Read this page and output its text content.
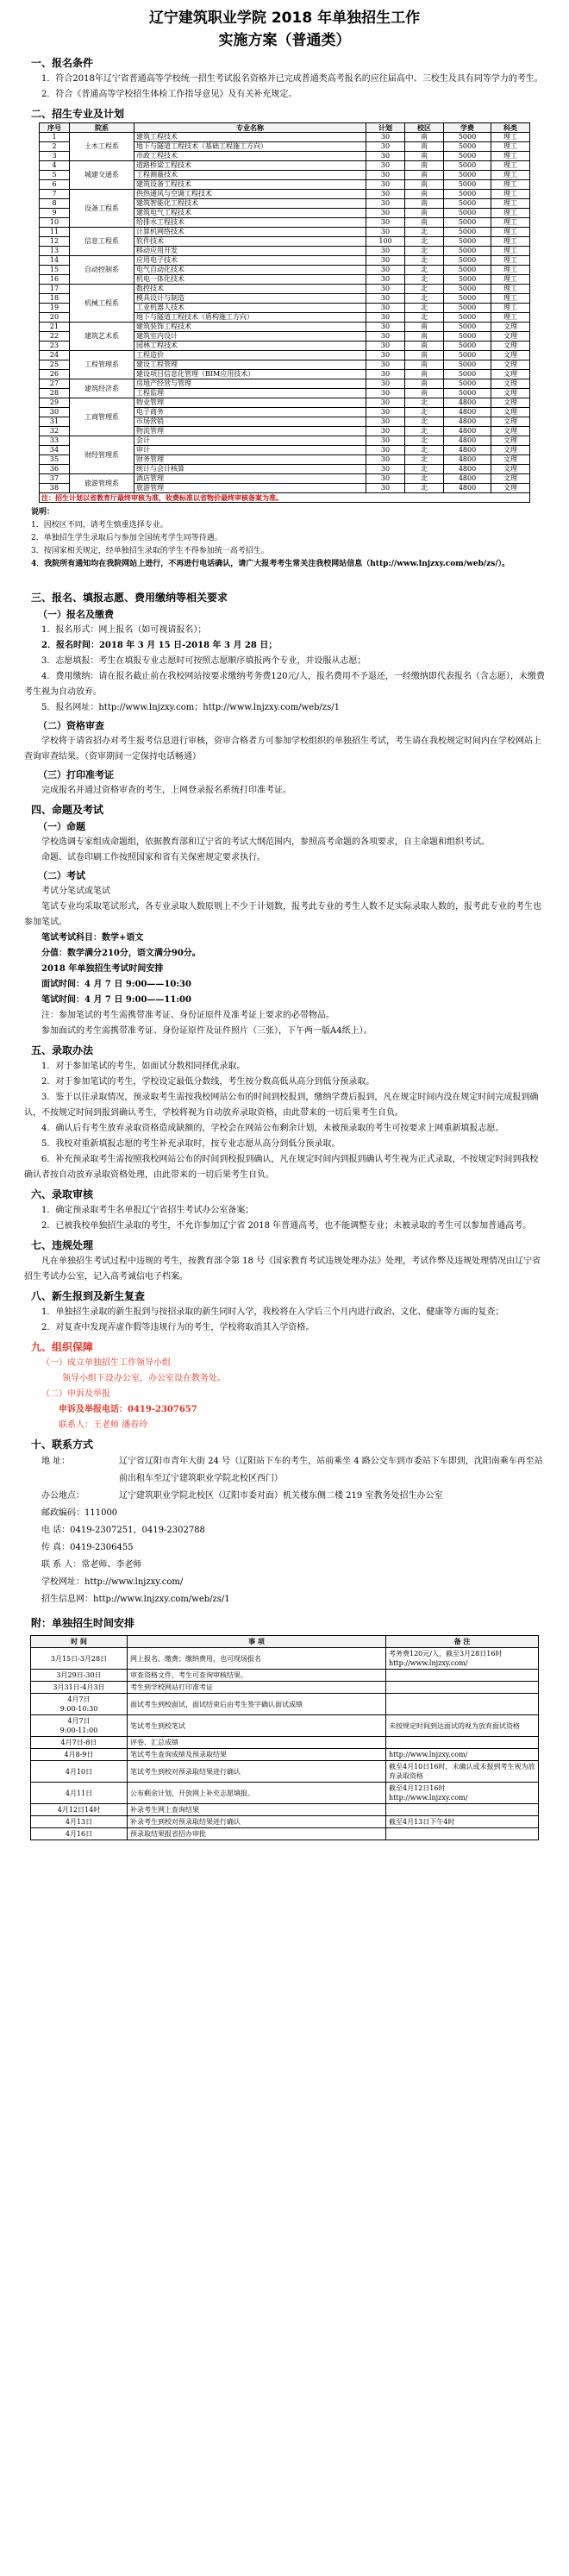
辽宁建筑职业学院 2018 年单独招生工作
实施方案（普通类）
一、报名条件
1．符合2018年辽宁省普通高等学校统一招生考试报名资格并已完成普通类高考报名的应往届高中、三校生及具有同等学力的考生。
2．符合《普通高等学校招生体检工作指导意见》及有关补充规定。
二、招生专业及计划
序号	院系	专业名称	计划	校区	学费	科类
1	土木工程系	建筑工程技术	30	南	5000	理工
2		地下与隧道工程技术（基础工程施工方向）	30	南	5000	理工
3		市政工程技术	30	南	5000	理工
4	城建交通系	道路桥梁工程技术	30	南	5000	理工
5		工程测量技术	30	南	5000	理工
6		建筑设备工程技术	30	南	5000	理工
7	设备工程系	供热通风与空调工程技术	30	南	5000	理工
8		建筑智能化工程技术	30	南	5000	理工
9		建筑电气工程技术	30	南	5000	理工
10		给排水工程技术	30	南	5000	理工
11	信息工程系	计算机网络技术	30	北	5000	理工
12		软件技术	100	北	5000	理工
13		移动应用开发	30	北	5000	理工
14	自动控制系	应用电子技术	30	北	5000	理工
15		电气自动化技术	30	北	5000	理工
16		机电一体化技术	30	北	5000	理工
17	机械工程系	数控技术	30	北	5000	理工
18		模具设计与制造	30	北	5000	理工
19		工业机器人技术	30	北	5000	理工
20		地下与隧道工程技术（盾构施工方向）	30	北	5000	理工
21	建筑艺术系	建筑装饰工程技术	30	南	5000	文理
22		建筑室内设计	30	南	5000	文理
23		园林工程技术	30	南	5000	文理
24	工程管理系	工程造价	30	南	5000	文理
25		建设工程管理	30	南	5000	文理
26		建设项目信息化管理（BIM应用技术）	30	南	5000	文理
27	建筑经济系	房地产经营与管理	30	南	5000	文理
28		工程监理	30	南	5000	文理
29	工商管理系	物业管理	30	北	4800	文理
30		电子商务	30	北	4800	文理
31		市场营销	30	北	4800	文理
32		物流管理	30	北	4800	文理
33	财经管理系	会计	30	北	4800	文理
34		审计	30	北	4800	文理
35		财务管理	30	北	4800	文理
36		统计与会计核算	30	北	4800	文理
37	旅游管理系	酒店管理	30	北	4800	文理
38		旅游管理	30	北	4800	文理
注：招生计划以省教育厅最终审核为准，收费标准以省物价最终审核备案为准。						
说明：
1．因校区不同，请考生慎重选择专业。
2．单独招生学生录取后与参加全国统考学生同等待遇。
3．按国家相关规定，经单独招生录取的学生不得参加统一高考招生。
4．我院所有通知均在我院网站上进行，不再进行电话确认，请广大报考考生常关注我校网站信息（http://www.lnjzxy.com/web/zs/）。
三、报名、填报志愿、费用缴纳等相关要求
（一）报名及缴费
1．报名形式：网上报名（如可视请报名）；
2．报名时间：2018 年 3 月 15 日-2018 年 3 月 28 日；
3．志愿填报：考生在填报专业志愿时可按照志愿顺序填报两个专业，并设服从志愿；
4．费用缴纳：请在报名截止前在我校网站按要求缴纳考务费120元/人，报名费用不予退还，一经缴纳即代表报名（含志愿），未缴费考生视为自动放弃。
5．报名网址：http://www.lnjzxy.com；http://www.lnjzxy.com/web/zs/1
（二）资格审查
学校将于请省招办对考生报考信息进行审核，资审合格者方可参加学校组织的单独招生考试，考生请在我校规定时间内在学校网站上查询审查结果。（资审期间一定保持电话畅通）
（三）打印准考证
完成报名并通过资格审查的考生，上网登录报名系统打印准考证。
四、命题及考试
（一）命题
学校选调专家组成命题组，依据教育部和辽宁省的考试大纲范围内，参照高考命题的各项要求，自主命题和组织考试。
命题、试卷印刷工作按照国家和省有关保密规定要求执行。
（二）考试
考试分笔试或笔试
笔试专业均采取笔试形式，各专业录取人数原则上不少于计划数，报考此专业的考生人数不足实际录取人数的，报考此专业的考生也参加笔试。
笔试考试科目：数学+语文
分值：数学满分210分，语文满分90分。
2018 年单独招生考试时间安排
面试时间：4 月 7 日 9:00——10:30
笔试时间：4 月 7 日 9:00——11:00
注：参加笔试的考生需携带准考证、身份证原件及准考证上要求的必带物品。
参加面试的考生需携带准考证、身份证原件及证件照片（三张），下午两一版A4纸上）。
五、录取办法
1．对于参加笔试的考生，如面试分数相同择优录取。
2．对于参加笔试的考生，学校设定最低分数线，考生按分数高低从高分到低分预录取。
3．鉴于以往录取情况，预录取考生需按我校网站公布的时间到校报到，缴纳学费后报到，凡在规定时间内没在规定时间完成报到确认，不按规定时间到报到确认考生，学校将视为自动放弃录取资格，由此带来的一切后果考生自负。
4．确认后有考生放弃录取资格造成缺额的，学校会在网站公布剩余计划，未被预录取的考生可按要求上网重新填报志愿。
5．我校对重新填报志愿的考生补充录取时，按专业志愿从高分到低分预录取。
6．补充预录取考生需按照我校网站公布的时间到校报到确认，凡在规定时间内到报到确认考生视为正式录取，不按规定时间到我校确认者按自动放弃录取资格处理，由此带来的一切后果考生自负。
六、录取审核
1．确定预录取考生名单报辽宁省招生考试办公室备案；
2．已被我校单独招生录取的考生，不允许参加辽宁省 2018 年普通高考，也不能调整专业；未被录取的考生可以参加普通高考。
七、违规处理
凡在单独招生考试过程中违规的考生，按教育部令第 18 号《国家教育考试违规处理办法》处理，考试作弊及违规处理情况由辽宁省招生考试办公室，记入高考诚信电子档案。
八、新生报到及新生复查
1．单独招生录取的新生报到与按招录取的新生同时入学，我校将在入学后三个月内进行政治、文化、健康等方面的复查；
2．对复查中发现弄虚作假等违规行为的考生，学校将取消其入学资格。
九、组织保障
（一）成立单独招生工作领导小组
领导小组下设办公室，办公室设在教务处。
（二）申诉及举报
申诉及举报电话：0419-2307657
联系人：王老师 潘春玲
十、联系方式
地 址：	辽宁省辽阳市青年大街 24 号（辽阳站下车的考生，站前乘坐 4 路公交车到市委站下车即到，沈阳南乘车再至站前出租车至辽宁建筑职业学院北校区西门）
办公地点：	辽宁建筑职业学院北校区（辽阳市委对面）机关楼东侧二楼 219 室教务处招生办公室
邮政编码：111000
电 话：0419-2307251，0419-2302788
传 真：0419-2306455
联 系 人：常老师、李老师
学校网址：http://www.lnjzxy.com/
招生信息网：http://www.lnjzxy.com/web/zs/1
附：单独招生时间安排
时 间	事 项	备 注
3月15日-3月28日	网上报名、缴费；缴纳费用，也可现场报名	考务费120元/人，截至3月28日16时
http://www.lnjzxy.com/
3月29日-30日	审查资格文件，考生可查询审核结果。	
3月31日-4月3日	考生到学校网站打印准考证	
4月7日
9:00-10:30	面试考生到校面试，面试结束后由考生签字确认面试成绩	
4月7日
9:00-11:00	笔试考生到校笔试	未按规定时间到达面试的视为放弃面试资格
4月7日-8日	评卷、汇总成绩	
4月8-9日	笔试考生查询成绩及预录取结果	http://www.lnjzxy.com/
4月10日	笔试考生到校对预录取结果进行确认	截至4月10日16时，未确认或未报到考生视为放弃录取资格
4月11日	公布剩余计划，开放网上补充志愿填报。	截至4月12日16时
http://www.lnjzxy.com/
4月12日14时	补录考生网上查询结果	
4月13日	补录考生到校对预录取结果进行确认	截至4月13日下午4时
4月16日	预录取结果报省招办审批	
